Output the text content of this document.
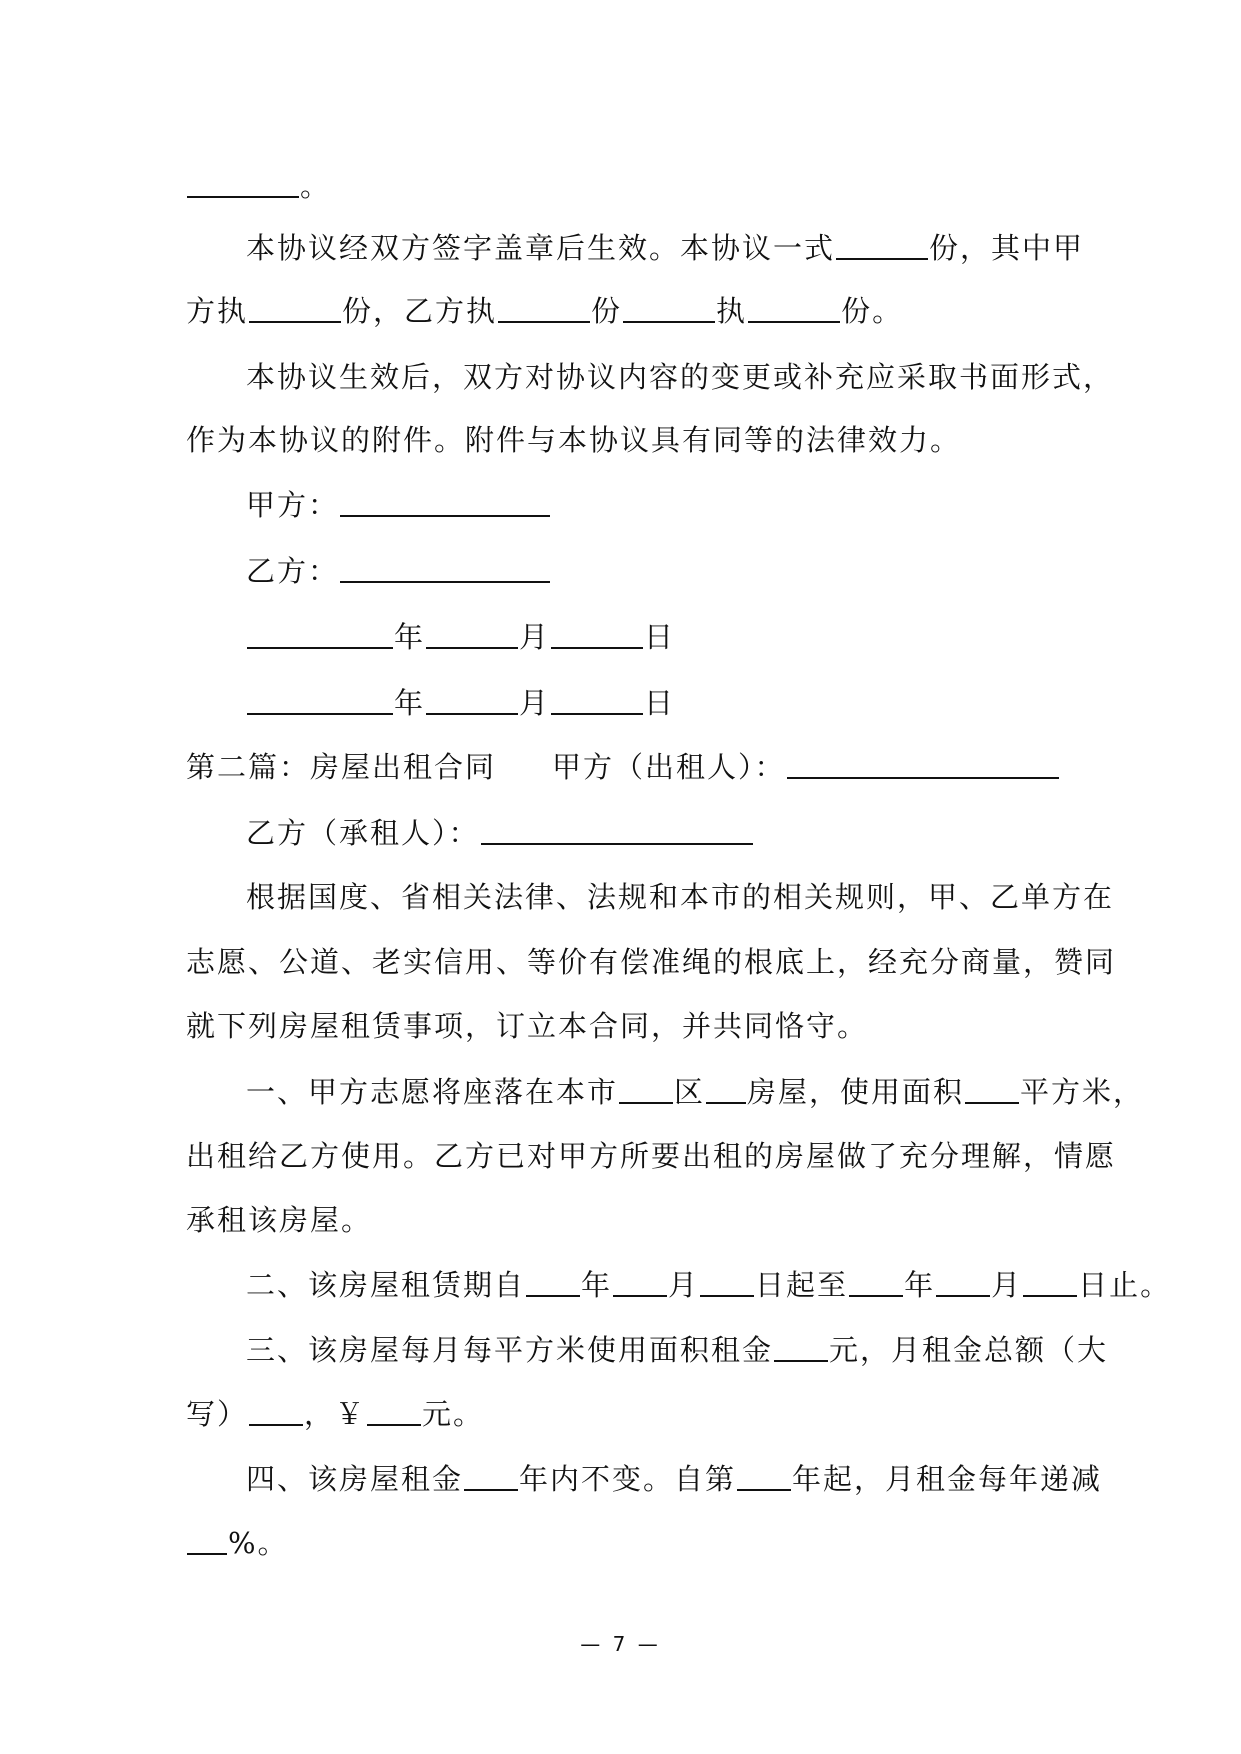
。
本协议经双方签字盖章后生效。本协议一式	份，其中甲
方执	份，乙方执	份	执	份。
本协议生效后，双方对协议内容的变更或补充应采取书面形式，
作为本协议的附件。附件与本协议具有同等的法律效力。
甲方：
乙方：
年	月	日
年	月	日
第二篇：房屋出租合同 甲方（出租人）：
乙方（承租人）：
根据国度、省相关法律、法规和本市的相关规则，甲、乙单方在
志愿、公道、老实信用、等价有偿准绳的根底上，经充分商量，赞同
就下列房屋租赁事项，订立本合同，并共同恪守。
一、甲方志愿将座落在本市 区 房屋，使用面积 平方米，
出租给乙方使用。乙方已对甲方所要出租的房屋做了充分理解，情愿
承租该房屋。
二、该房屋租赁期自 年 月 日起至 年 月 日止。
三、该房屋每月每平方米使用面积租金 元，月租金总额（大
写） ，￥ 元。
四、该房屋租金 年内不变。自第 年起，月租金每年递减
%。
— 7 —
